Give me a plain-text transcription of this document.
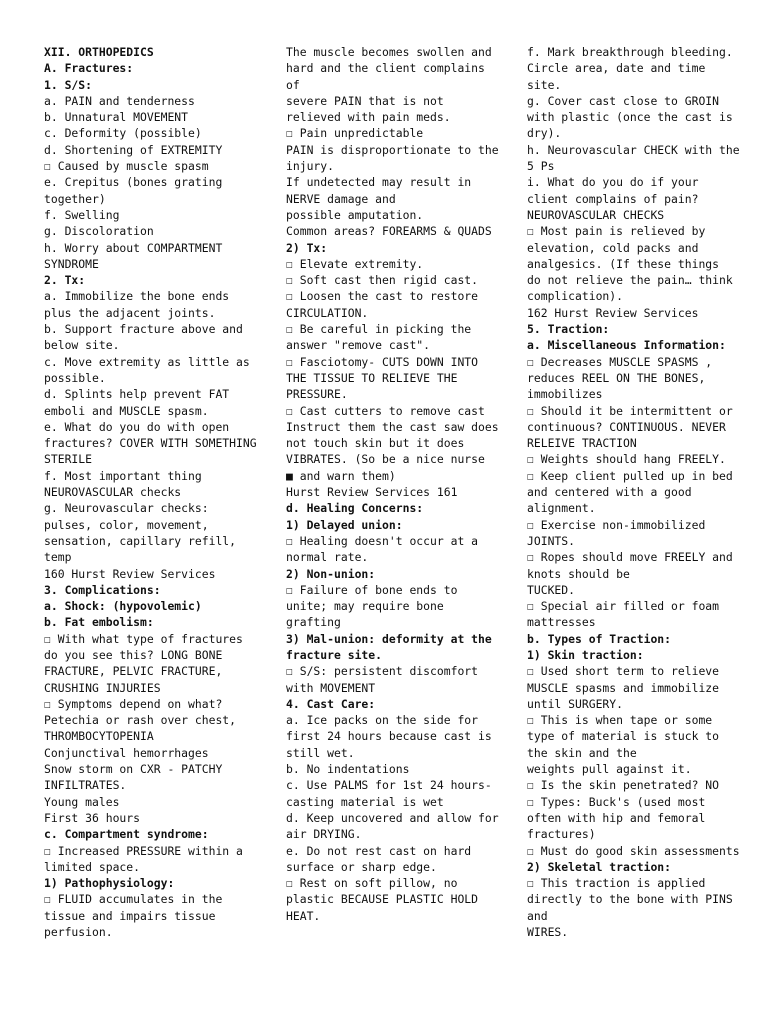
XII. ORTHOPEDICS
A. Fractures:
1. S/S:
a. PAIN and tenderness
b. Unnatural MOVEMENT
c. Deformity (possible)
d. Shortening of EXTREMITY
☐ Caused by muscle spasm
e. Crepitus (bones grating
together)
f. Swelling
g. Discoloration
h. Worry about COMPARTMENT
SYNDROME
2. Tx:
a. Immobilize the bone ends
plus the adjacent joints.
b. Support fracture above and
below site.
c. Move extremity as little as
possible.
d. Splints help prevent FAT
emboli and MUSCLE spasm.
e. What do you do with open
fractures? COVER WITH SOMETHING
STERILE
f. Most important thing
NEUROVASCULAR checks
g. Neurovascular checks:
pulses, color, movement,
sensation, capillary refill,
temp
160 Hurst Review Services
3. Complications:
a. Shock: (hypovolemic)
b. Fat embolism:
☐ With what type of fractures
do you see this? LONG BONE
FRACTURE, PELVIC FRACTURE,
CRUSHING INJURIES
☐ Symptoms depend on what?
Petechia or rash over chest,
THROMBOCYTOPENIA
Conjunctival hemorrhages
Snow storm on CXR - PATCHY
INFILTRATES.
Young males
First 36 hours
c. Compartment syndrome:
☐ Increased PRESSURE within a
limited space.
1) Pathophysiology:
☐ FLUID accumulates in the
tissue and impairs tissue
perfusion.
The muscle becomes swollen and
hard and the client complains
of
severe PAIN that is not
relieved with pain meds.
☐ Pain unpredictable
PAIN is disproportionate to the
injury.
If undetected may result in
NERVE damage and
possible amputation.
Common areas? FOREARMS & QUADS
2) Tx:
☐ Elevate extremity.
☐ Soft cast then rigid cast.
☐ Loosen the cast to restore
CIRCULATION.
☐ Be careful in picking the
answer "remove cast".
☐ Fasciotomy- CUTS DOWN INTO
THE TISSUE TO RELIEVE THE
PRESSURE.
☐ Cast cutters to remove cast
Instruct them the cast saw does
not touch skin but it does
VIBRATES. (So be a nice nurse
■ and warn them)
Hurst Review Services 161
d. Healing Concerns:
1) Delayed union:
☐ Healing doesn't occur at a
normal rate.
2) Non-union:
☐ Failure of bone ends to
unite; may require bone
grafting
3) Mal-union: deformity at the
fracture site.
☐ S/S: persistent discomfort
with MOVEMENT
4. Cast Care:
a. Ice packs on the side for
first 24 hours because cast is
still wet.
b. No indentations
c. Use PALMS for 1st 24 hours-
casting material is wet
d. Keep uncovered and allow for
air DRYING.
e. Do not rest cast on hard
surface or sharp edge.
☐ Rest on soft pillow, no
plastic BECAUSE PLASTIC HOLD
HEAT.
f. Mark breakthrough bleeding.
Circle area, date and time
site.
g. Cover cast close to GROIN
with plastic (once the cast is
dry).
h. Neurovascular CHECK with the
5 Ps
i. What do you do if your
client complains of pain?
NEUROVASCULAR CHECKS
☐ Most pain is relieved by
elevation, cold packs and
analgesics. (If these things
do not relieve the pain… think
complication).
162 Hurst Review Services
5. Traction:
a. Miscellaneous Information:
☐ Decreases MUSCLE SPASMS ,
reduces REEL ON THE BONES,
immobilizes
☐ Should it be intermittent or
continuous? CONTINUOUS. NEVER
RELEIVE TRACTION
☐ Weights should hang FREELY.
☐ Keep client pulled up in bed
and centered with a good
alignment.
☐ Exercise non-immobilized
JOINTS.
☐ Ropes should move FREELY and
knots should be
TUCKED.
☐ Special air filled or foam
mattresses
b. Types of Traction:
1) Skin traction:
☐ Used short term to relieve
MUSCLE spasms and immobilize
until SURGERY.
☐ This is when tape or some
type of material is stuck to
the skin and the
weights pull against it.
☐ Is the skin penetrated? NO
☐ Types: Buck's (used most
often with hip and femoral
fractures)
☐ Must do good skin assessments
2) Skeletal traction:
☐ This traction is applied
directly to the bone with PINS
and
WIRES.
